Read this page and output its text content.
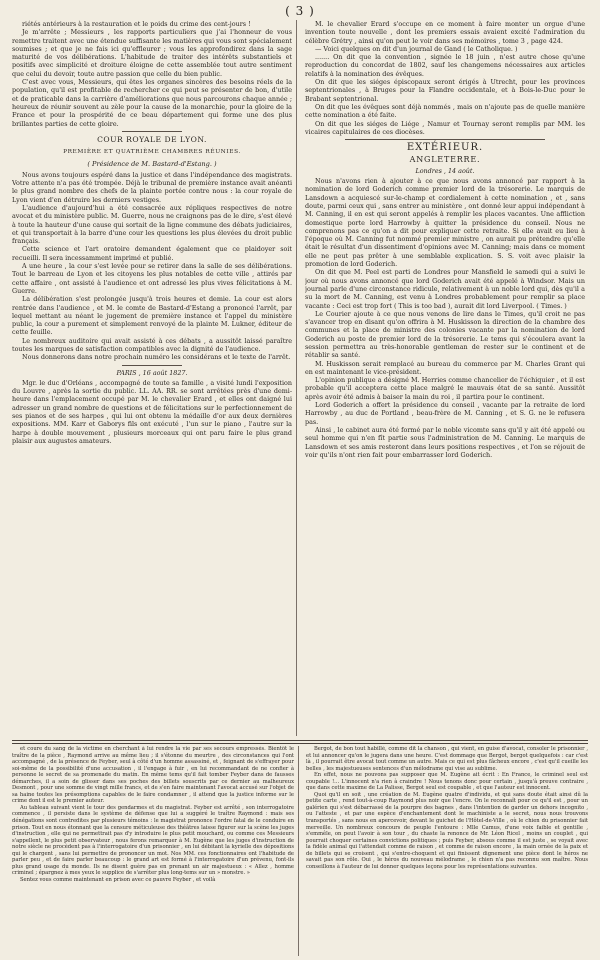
( 3 )

riétés antérieurs à la restauration et le poids du crime des cent-jours !

Je m'arrête ; Messieurs , les rapports particuliers que j'ai l'honneur de vous remettre traitent avec une étendue suffisante les matières qui vous sont spécialement soumises ; et que je ne fais ici qu'effleurer ; vous les approfondirez dans la sage maturité de vos délibérations. L'habitude de traiter des intérêts substantiels et positifs avec simplicité et droiture éloigne de cette assemblée tout autre sentiment que celui du devoir, toute autre passion que celle du bien public.

C'est avec vous, Messieurs, qui êtes les organes sincères des besoins réels de la population, qu'il est profitable de rechercher ce qui peut se présenter de bon, d'utile et de praticable dans la carrière d'améliorations que nous parcourons chaque année ; heureux de réunir souvent au zèle pour la cause de la monarchie, pour la gloire de la France et pour la prospérité de ce beau département qui forme une des plus brillantes parties de cette gloire.

COUR ROYALE DE LYON.

PREMIÈRE ET QUATRIÈME CHAMBRES RÉUNIES.

( Présidence de M. Bastard-d'Estang. )

Nous avons toujours espéré dans la justice et dans l'indépendance des magistrats. Votre attente n'a pas été trompée. Déjà le tribunal de première instance avait anéanti le plus grand nombre des chefs de la plainte portée contre nous : la cour royale de Lyon vient d'en détruire les derniers vestiges.

L'audience d'aujourd'hui a été consacrée aux répliques respectives de notre avocat et du ministère public. M. Guerre, nous ne craignons pas de le dire, s'est élevé à toute la hauteur d'une cause qui sortait de la ligne commune des débats judiciaires, et qui transportait à la barre d'une cour les questions les plus élevées du droit public français.

Cette science et l'art oratoire demandent également que ce plaidoyer soit recueilli. Il sera incessamment imprimé et publié.

A une heure , la cour s'est levée pour se retirer dans la salle de ses délibérations. Tout le barreau de Lyon et les citoyens les plus notables de cette ville , attirés par cette affaire , ont assisté à l'audience et ont adressé les plus vives félicitations à M. Guerre.

La délibération s'est prolongée jusqu'à trois heures et demie. La cour est alors rentrée dans l'audience , et M. le comte de Bastard-d'Estang a prononcé l'arrêt, par lequel mettant au néant le jugement de première instance et l'appel du ministère public, la cour a purement et simplement renvoyé de la plainte M. Lukner, éditeur de cette feuille.

Le nombreux auditoire qui avait assisté à ces débats , a aussitôt laissé paraître toutes les marques de satisfaction compatibles avec la dignité de l'audience.

Nous donnerons dans notre prochain numéro les considérans et le texte de l'arrêt.

PARIS , 16 août 1827.

Mgr. le duc d'Orléans , accompagné de toute sa famille , a visité lundi l'exposition du Louvre , après la sortie du public. LL. AA. RR. se sont arrêtées près d'une demi-heure dans l'emplacement occupé par M. le chevalier Erard , et elles ont daigné lui adresser un grand nombre de questions et de félicitations sur le perfectionnement de ses pianos et de ses harpes , qui lui ont obtenu la médaille d'or aux deux dernières expositions. MM. Karr et Gaborys fils ont exécuté , l'un sur le piano , l'autre sur la harpe à double mouvement , plusieurs morceaux qui ont paru faire le plus grand plaisir aux augustes amateurs.

M. le chevalier Erard s'occupe en ce moment à faire monter un orgue d'une invention toute nouvelle , dont les premiers essais avaient excité l'admiration du célèbre Grétry , ainsi qu'on peut le voir dans ses mémoires , tome 3 , page 424.

— Voici quelques on dit d'un journal de Gand ( le Catholique. )

....... On dit que la convention , signée le 18 juin , n'est autre chose qu'une reproduction du concordat de 1802, sauf les changemens nécessaires aux articles relatifs à la nomination des évêques.

On dit que les siéges épiscopaux seront érigés à Utrecht, pour les provinces septentrionales , à Bruges pour la Flandre occidentale, et à Bois-le-Duc pour le Brabant septentrional.

On dit que les évêques sont déjà nommés , mais on n'ajoute pas de quelle manière cette nomination a été faite.

On dit que les siéges de Liége , Namur et Tournay seront remplis par MM. les vicaires capitulaires de ces diocèses.

EXTÉRIEUR.

ANGLETERRE.

Londres , 14 août.

Nous n'avons rien à ajouter à ce que nous avons annoncé par rapport à la nomination de lord Goderich comme premier lord de la trésorerie. Le marquis de Lansdown a acquiescé sur-le-champ et cordialement à cette nomination , et , sans doute, parmi ceux qui , sans entrer au ministère , ont donné leur appui indépendant à M. Canning, il en est qui seront appelés à remplir les places vacantes. Une affliction domestique porte lord Harrowby à quitter la présidence du conseil. Nous ne comprenons pas ce qu'on a dit pour expliquer cette retraite. Si elle avait eu lieu à l'époque où M. Canning fut nommé premier ministre , on aurait pu prétendre qu'elle était le résultat d'un dissentiment d'opinions avec M. Canning; mais dans ce moment elle ne peut pas prêter à une semblable explication. S. S. voit avec plaisir la promotion de lord Goderich.

On dit que M. Peel est parti de Londres pour Mansfield le samedi qui a suivi le jour où nous avons annoncé que lord Goderich avait été appelé à Windsor. Mais un journal parle d'une circonstance ridicule, relativement à un noble lord qui, dès qu'il a su la mort de M. Canning, est venu à Londres probablement pour remplir sa place vacante : Ceci est trop fort ( This is too bad ), aurait dit lord Liverpool. ( Times. )

Le Courier ajoute à ce que nous venons de lire dans le Times, qu'il croit ne pas s'avancer trop en disant qu'on offrira à M. Huskisson la direction de la chambre des communes et la place de ministre des colonies vacante par la nomination de lord Goderich au poste de premier lord de la trésorerie. Le tems qui s'écoulera avant la session permettra au très-honorable gentleman de rester sur le continent et de rétablir sa santé.

M. Huskisson serait remplacé au bureau du commerce par M. Charles Grant qui en est maintenant le vice-président.

L'opinion publique a désigné M. Herries comme chancelier de l'échiquier , et il est probable qu'il acceptera cette place malgré le mauvais état de sa santé. Aussitôt après avoir été admis à baiser la main du roi , il partira pour le continent.

Lord Goderich a offert la présidence du conseil , vacante par la retraite de lord Harrowby , au duc de Portland , beau-frère de M. Canning , et S. G. ne le refusera pas.

Ainsi , le cabinet aura été formé par le noble vicomte sans qu'il y ait été appelé ou seul homme qui n'en fît partie sous l'administration de M. Canning. Le marquis de Lansdown et ses amis resteront dans leurs positions respectives , et l'on se réjouit de voir qu'ils n'ont rien fait pour embarrasser lord Goderich.

et coure du sang de la victime en cherchant à lui rendre la vie par ses secours empressés. Bientôt le traître de la pièce , Raymond arrive au même lieu ; il s'étonne du meurtre , des circonstances qui l'ont accompagné , de la présence de Feyber, seul à côté d'un homme assassiné, et , feignant de s'effrayer pour soi-même de la possibilité d'une accusation , il l'engage à fuir , en lui recommandant de ne confier à personne le secret de sa promenade du matin. En même tems qu'il fait tomber Feyber dans de fausses démarches, il a soin de glisser dans ses poches des billets souscrits par ce dernier au malheureux Desmont , pour une somme de vingt mille francs, et de s'en faire maintenant l'avocat accusé sur l'objet de sa haine toutes les présomptions capables de le faire condamner , il attend que la justice informe sur le crime dont il est le premier auteur.

Au tableau suivant vient le tour des gendarmes et du magistrat. Feyber est arrêté , son interrogatoire commence , il persiste dans le système de défense que lui a suggéré le traître Raymond : mais ses dénégations sont contredites par plusieurs témoins : le magistrat prononce l'ordre fatal de le conduire en prison. Tout en nous étonnant que la censure méticuleuse des théâtres laisse figurer sur la scène les juges d'instruction , elle qui ne permettrait pas d'y introduire le plus petit mouchard, ou comme ces Messieurs s'appellent, le plus petit observateur , nous ferons remarquer à M. Eugène que les juges d'instruction de notre siècle ne procèdent pas à l'interrogatoire d'un prisonnier , en lui débitant la kyrielle des dépositions qui le chargent , sans lui permettre de prononcer un mot. Nos MM. ces fonctionnaires ont l'habitude de parler peu , et de faire parler beaucoup : le grand art est formé à l'interrogatoire d'un prévenu, font-ils plus grand usage du monde. Ils ne disent guère pas en prenant un air majestueux : « Allez , homme criminel ; épargnez à mes yeux le supplice de s'arrêter plus long-tems sur un » monstre. »

Sentez vous comme maintenant en prison avec ce pauvre Feyber , et voilà

Bergot, de bon tout habillé, comme dit la chanson , qui vient, en guise d'avocat, consoler le prisonnier , et lui annoncer qu'on le jugera dans une heure. C'est dommage que Bergot, bergot quelquefois : car c'est là , il pourrait être avocat tout comme un autre. Mais ce qui est plus fâcheux encore , c'est qu'il cueille les belles , les majestueuses sentences d'un mélodrame qui vise au sublime.

En effet, nous ne pouvons pas supposer que M. Eugène ait écrit : En France, le criminel seul est coupable !... L'innocent n'a rien à craindre ! Nous tenons donc pour certain , jusqu'à preuve contraire , que dans cette maxime de La Palisse, Bergot seul est coupable , et que l'auteur est innocent.

Quoi qu'il en soit , une création de M. Eugène quatre d'individu, et qui sans doute était ainsi dû la petite carte , rend tout-à-coup Raymond plus noir que l'encre. On le reconnaît pour ce qu'il est , pour un galérien qui s'est débarrassé de la pourpre des bagnes , dans l'intention de garder un dehors incognito , ou l'atteste , et par une espèce d'enchantement dont le machiniste a le secret, nous nous trouvons transportés , sans nous en apercevoir, devant le guichet de l'Hôtel-de-Ville , où le chien du prisonnier fait merveille. Un nombreux concours de peuple l'entoure : Mlle Camus, d'une voix faible et gentille , s'emmêle, on peut l'avoir à son tour , du chaste la renonce de Mr. Léon Ricel , moins un couplet , qui pourrait choquer certaines convictions politiques ; puis Feyber, absous comme il est juste , se voyait avec la fidèle animal qui l'attendait comme de raison , et comme de raison encore , la main ornée de la paix et de billets qui se croisent , qui s'entre-choquent et qui finissent dignement une pièce dont le héros ne savait pas son rôle. Oui , le héros du nouveau mélodrame , le chien n'a pas reconnu son maître. Nous conseillons à l'auteur de lui donner quelques leçons pour les représentations suivantes.
